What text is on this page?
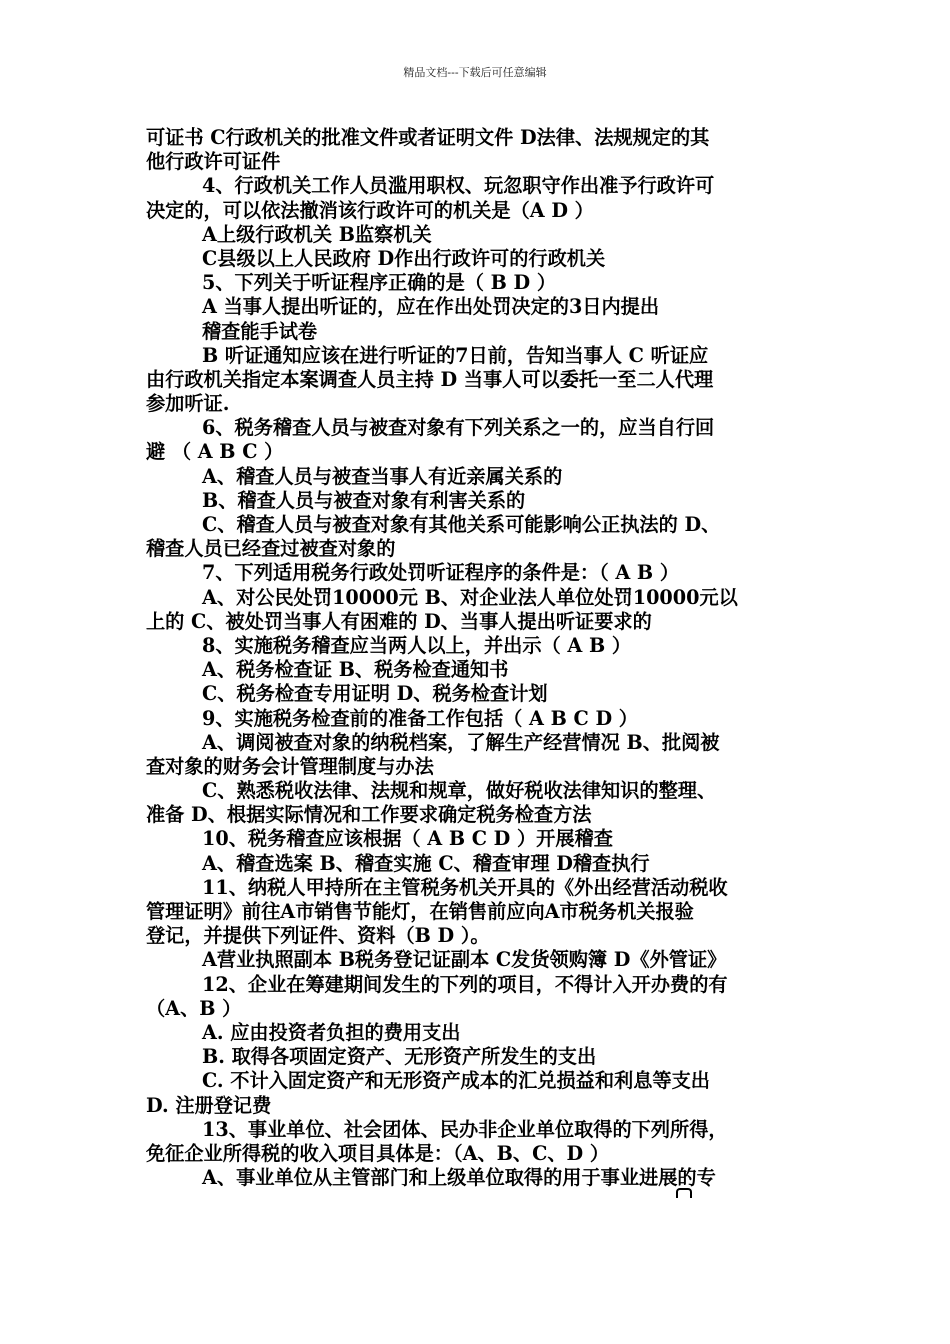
精品文档---下载后可任意编辑
可证书 C行政机关的批准文件或者证明文件 D法律、法规规定的其
他行政许可证件
4、行政机关工作人员滥用职权、玩忽职守作出准予行政许可
决定的，可以依法撤消该行政许可的机关是（A D ）
A上级行政机关 B监察机关
C县级以上人民政府 D作出行政许可的行政机关
5、下列关于听证程序正确的是（ B D ）
A 当事人提出听证的，应在作出处罚决定的3日内提出
稽查能手试卷
B 听证通知应该在进行听证的7日前，告知当事人 C 听证应
由行政机关指定本案调查人员主持 D 当事人可以委托一至二人代理
参加听证.
6、税务稽查人员与被查对象有下列关系之一的，应当自行回
避 （ A B C ）
A、稽查人员与被查当事人有近亲属关系的
B、稽查人员与被查对象有利害关系的
C、稽查人员与被查对象有其他关系可能影响公正执法的 D、
稽查人员已经查过被查对象的
7、下列适用税务行政处罚听证程序的条件是：（ A B ）
A、对公民处罚10000元 B、对企业法人单位处罚10000元以
上的 C、被处罚当事人有困难的 D、当事人提出听证要求的
8、实施税务稽查应当两人以上，并出示（ A B ）
A、税务检查证 B、税务检查通知书
C、税务检查专用证明 D、税务检查计划
9、实施税务检查前的准备工作包括（ A B C D ）
A、调阅被查对象的纳税档案，了解生产经营情况 B、批阅被
查对象的财务会计管理制度与办法
C、熟悉税收法律、法规和规章，做好税收法律知识的整理、
准备 D、根据实际情况和工作要求确定税务检查方法
10、税务稽查应该根据（ A B C D ）开展稽查
A、稽查选案 B、稽查实施 C、稽查审理 D稽查执行
11、纳税人甲持所在主管税务机关开具的《外出经营活动税收
管理证明》前往A市销售节能灯，在销售前应向A市税务机关报验
登记，并提供下列证件、资料（B D ）。
A营业执照副本 B税务登记证副本 C发货领购簿 D《外管证》
12、企业在筹建期间发生的下列的项目，不得计入开办费的有
（A、B ）
A. 应由投资者负担的费用支出
B. 取得各项固定资产、无形资产所发生的支出
C. 不计入固定资产和无形资产成本的汇兑损益和利息等支出
D. 注册登记费
13、事业单位、社会团体、民办非企业单位取得的下列所得，
免征企业所得税的收入项目具体是：（A、B、C、D ）
A、事业单位从主管部门和上级单位取得的用于事业进展的专
